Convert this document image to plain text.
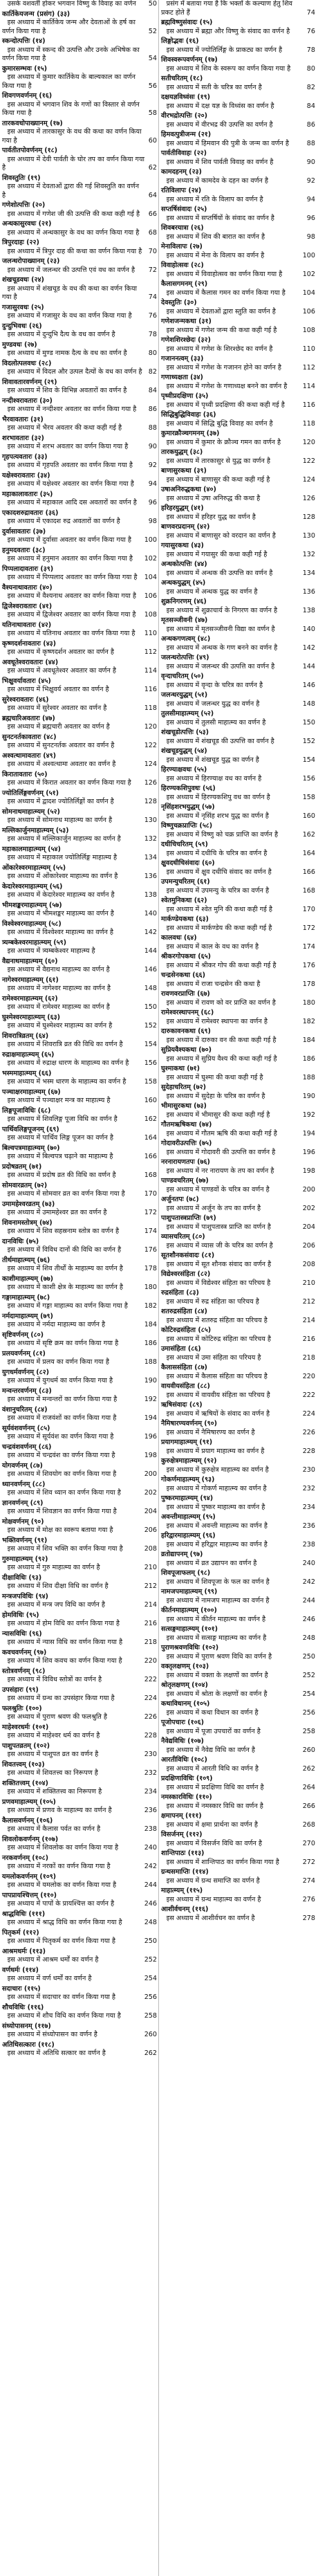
उसके वशवर्ती होकर भगवान विष्णु के विवाह का वर्णन	50
कार्तिकेयजन्म (प्रसंग) (३३)
इस अध्याय में कार्तिकेय जन्म और देवताओं के हर्ष का वर्णन किया गया है	52
स्कन्दोत्पत्तिः (१४)
इस अध्याय में स्कन्द की उत्पत्ति और उनके अभिषेक का वर्णन किया गया है	54
कुमारसम्भवः (१५)
इस अध्याय में कुमार कार्तिकेय के बाल्यकाल का वर्णन किया गया है	56
शिवगणवर्णनम् (१६)
इस अध्याय में भगवान शिव के गणों का विस्तार से वर्णन किया गया है	58
तारकवधोपाख्यानम् (१७)
इस अध्याय में तारकासुर के वध की कथा का वर्णन किया गया है	60
पार्वतीतपोवर्णनम् (१८)
इस अध्याय में देवी पार्वती के घोर तप का वर्णन किया गया है	62
शिवस्तुतिः (१९)
इस अध्याय में देवताओं द्वारा की गई शिवस्तुति का वर्णन है	64
गणेशोत्पत्तिः (२०)
इस अध्याय में गणेश जी की उत्पत्ति की कथा कही गई है	66
अन्धकासुरवधः (२१)
इस अध्याय में अन्धकासुर के वध का वर्णन किया गया है	68
त्रिपुरदाहः (२२)
इस अध्याय में त्रिपुर दाह की कथा का वर्णन किया गया है 70
जलन्धरोपाख्यानम् (२३)
इस अध्याय में जलन्धर की उत्पत्ति एवं वध का वर्णन है	72
शंखचूडवधः (२४)
इस अध्याय में शंखचूड के वध की कथा का वर्णन किया गया है	74
गजासुरवधः (२५)
इस अध्याय में गजासुर के वध का वर्णन किया गया है	76
दुन्दुभिवधः (२६)
इस अध्याय में दुन्दुभि दैत्य के वध का वर्णन है	78
मुण्डवधः (२७)
इस अध्याय में मुण्ड नामक दैत्य के वध का वर्णन है	80
विदलोत्पलवधः (२८)
इस अध्याय में विदल और उत्पल दैत्यों के वध का वर्णन है 82
शिवावतारवर्णनम् (२९)
इस अध्याय में शिव के विभिन्न अवतारों का वर्णन है	84
नन्दीश्वरावतारः (३०)
इस अध्याय में नन्दीश्वर अवतार का वर्णन किया गया है	86
भैरवावतारः (३१)
इस अध्याय में भैरव अवतार की कथा कही गई है	88
शरभावतारः (३२)
इस अध्याय में शरभ अवतार का वर्णन किया गया है	90
गृहपत्यवतारः (३३)
इस अध्याय में गृहपति अवतार का वर्णन किया गया है	92
यक्षेश्वरावतारः (३४)
इस अध्याय में यक्षेश्वर अवतार का वर्णन किया गया है	94
महाकालावतारः (३५)
इस अध्याय में महाकाल आदि दस अवतारों का वर्णन है	96
एकादशरुद्रावतारः (३६)
इस अध्याय में एकादश रुद्र अवतारों का वर्णन है	98
दुर्वासावतारः (३७)
इस अध्याय में दुर्वासा अवतार का वर्णन किया गया है	100
हनुमदवतारः (३८)
इस अध्याय में हनुमान अवतार का वर्णन किया गया है	102
पिप्पलादावतारः (३९)
इस अध्याय में पिप्पलाद अवतार का वर्णन किया गया है	104
वैश्यनाथावतारः (४०)
इस अध्याय में वैश्यनाथ अवतार का वर्णन किया गया है	106
द्विजेश्वरावतारः (४१)
इस अध्याय में द्विजेश्वर अवतार का वर्णन किया गया है	108
यतिनाथावतारः (४२)
इस अध्याय में यतिनाथ अवतार का वर्णन किया गया है	110
कृष्णदर्शनावतारः (४३)
इस अध्याय में कृष्णदर्शन अवतार का वर्णन है	112
अवधूतेश्वरावतारः (४४)
इस अध्याय में अवधूतेश्वर अवतार का वर्णन है	114
भिक्षुवर्यावतारः (४५)
इस अध्याय में भिक्षुवर्य अवतार का वर्णन है	116
सुरेश्वरावतारः (४६)
इस अध्याय में सुरेश्वर अवतार का वर्णन है	118
ब्रह्मचारिअवतारः (४७)
इस अध्याय में ब्रह्मचारी अवतार का वर्णन है	120
सुनटनर्तकावतारः (४८)
इस अध्याय में सुनटनर्तक अवतार का वर्णन है	122
अश्वत्थामावतारः (४९)
इस अध्याय में अश्वत्थामा अवतार का वर्णन है	124
किरातावतारः (५०)
इस अध्याय में किरात अवतार का वर्णन किया गया है	126
ज्योतिर्लिङ्गवर्णनम् (५१)
इस अध्याय में द्वादश ज्योतिर्लिङ्गों का वर्णन है	128
सोमनाथमाहात्म्यम् (५२)
इस अध्याय में सोमनाथ माहात्म्य का वर्णन है	130
मल्लिकार्जुनमाहात्म्यम् (५३)
इस अध्याय में मल्लिकार्जुन माहात्म्य का वर्णन है	132
महाकालमाहात्म्यम् (५४)
इस अध्याय में महाकाल ज्योतिर्लिङ्ग माहात्म्य है	134
ओंकारेश्वरमाहात्म्यम् (५५)
इस अध्याय में ओंकारेश्वर माहात्म्य का वर्णन है	136
केदारेश्वरमाहात्म्यम् (५६)
इस अध्याय में केदारेश्वर माहात्म्य का वर्णन है	138
भीमशङ्करमाहात्म्यम् (५७)
इस अध्याय में भीमशङ्कर माहात्म्य का वर्णन है	140
विश्वेश्वरमाहात्म्यम् (५८)
इस अध्याय में विश्वेश्वर माहात्म्य का वर्णन है	142
त्र्यम्बकेश्वरमाहात्म्यम् (५९)
इस अध्याय में त्र्यम्बकेश्वर माहात्म्य है	144
वैद्यनाथमाहात्म्यम् (६०)
इस अध्याय में वैद्यनाथ माहात्म्य का वर्णन है	146
नागेश्वरमाहात्म्यम् (६१)
इस अध्याय में नागेश्वर माहात्म्य का वर्णन है	148
रामेश्वरमाहात्म्यम् (६२)
इस अध्याय में रामेश्वर माहात्म्य का वर्णन है	150
घुश्मेश्वरमाहात्म्यम् (६३)
इस अध्याय में घुश्मेश्वर माहात्म्य का वर्णन है	152
शिवरात्रिव्रतम् (६४)
इस अध्याय में शिवरात्रि व्रत की विधि का वर्णन है	154
रुद्राक्षमाहात्म्यम् (६५)
इस अध्याय में रुद्राक्ष धारण के माहात्म्य का वर्णन है	156
भस्ममाहात्म्यम् (६६)
इस अध्याय में भस्म धारण के माहात्म्य का वर्णन है	158
पञ्चाक्षरमाहात्म्यम् (६७)
इस अध्याय में पञ्चाक्षर मन्त्र का माहात्म्य है	160
लिङ्गपूजाविधिः (६८)
इस अध्याय में शिवलिङ्ग पूजा विधि का वर्णन है	162
पार्थिवलिङ्गपूजनम् (६९)
इस अध्याय में पार्थिव लिङ्ग पूजन का वर्णन है	164
बिल्वपत्रमाहात्म्यम् (७०)
इस अध्याय में बिल्वपत्र चढ़ाने का माहात्म्य है	166
प्रदोषव्रतम् (७१)
इस अध्याय में प्रदोष व्रत की विधि का वर्णन है	168
सोमवारव्रतम् (७२)
इस अध्याय में सोमवार व्रत का वर्णन किया गया है	170
उमामहेश्वरव्रतम् (७३)
इस अध्याय में उमामहेश्वर व्रत का वर्णन है	172
शिवनामस्तोत्रम् (७४)
इस अध्याय में शिव सहस्रनाम स्तोत्र का वर्णन है	174
दानविधिः (७५)
इस अध्याय में विविध दानों की विधि का वर्णन है	176
तीर्थमाहात्म्यम् (७६)
इस अध्याय में शिव तीर्थों के माहात्म्य का वर्णन है	178
काशीमाहात्म्यम् (७७)
इस अध्याय में काशी क्षेत्र के माहात्म्य का वर्णन है	180
गङ्गामाहात्म्यम् (७८)
इस अध्याय में गङ्गा माहात्म्य का वर्णन किया गया है	182
नर्मदामाहात्म्यम् (७९)
इस अध्याय में नर्मदा माहात्म्य का वर्णन है	184
सृष्टिवर्णनम् (८०)
इस अध्याय में सृष्टि क्रम का वर्णन किया गया है	186
प्रलयवर्णनम् (८१)
इस अध्याय में प्रलय का वर्णन किया गया है	188
युगधर्मवर्णनम् (८२)
इस अध्याय में युगधर्म का वर्णन किया गया है	190
मन्वन्तरवर्णनम् (८३)
इस अध्याय में मन्वन्तरों का वर्णन किया गया है	192
वंशानुचरितम् (८४)
इस अध्याय में राजवंशों का वर्णन किया गया है	194
सूर्यवंशवर्णनम् (८५)
इस अध्याय में सूर्यवंश का वर्णन किया गया है	196
चन्द्रवंशवर्णनम् (८६)
इस अध्याय में चन्द्रवंश का वर्णन किया गया है	198
योगवर्णनम् (८७)
इस अध्याय में शिवयोग का वर्णन किया गया है	200
ध्यानवर्णनम् (८८)
इस अध्याय में शिव ध्यान का वर्णन किया गया है	202
ज्ञानवर्णनम् (८९)
इस अध्याय में शिवज्ञान का वर्णन किया गया है	204
मोक्षवर्णनम् (९०)
इस अध्याय में मोक्ष का स्वरूप बताया गया है	206
भक्तिवर्णनम् (९१)
इस अध्याय में शिव भक्ति का वर्णन किया गया है	208
गुरुमाहात्म्यम् (९२)
इस अध्याय में गुरु माहात्म्य का वर्णन है	210
दीक्षाविधिः (९३)
इस अध्याय में शिव दीक्षा विधि का वर्णन है	212
मन्त्रजपविधिः (९४)
इस अध्याय में मन्त्र जप विधि का वर्णन है	214
होमविधिः (९५)
इस अध्याय में होम विधि का वर्णन किया गया है	216
न्यासविधिः (९६)
इस अध्याय में न्यास विधि का वर्णन किया गया है	218
कवचवर्णनम् (९७)
इस अध्याय में शिव कवच का वर्णन किया गया है	220
स्तोत्रवर्णनम् (९८)
इस अध्याय में विविध स्तोत्रों का वर्णन है	222
उपसंहारः (९९)
इस अध्याय में ग्रन्थ का उपसंहार किया गया है	224
फलश्रुतिः (१००)
इस अध्याय में पुराण श्रवण की फलश्रुति है	226
माहेश्वरधर्मः (१०१)
इस अध्याय में माहेश्वर धर्म का वर्णन है	228
पाशुपतव्रतम् (१०२)
इस अध्याय में पाशुपत व्रत का वर्णन है	230
शिवतत्त्वम् (१०३)
इस अध्याय में शिवतत्त्व का निरूपण है	232
शक्तितत्त्वम् (१०४)
इस अध्याय में शक्तितत्त्व का निरूपण है	234
प्रणवमाहात्म्यम् (१०५)
इस अध्याय में प्रणव के माहात्म्य का वर्णन है	236
कैलासवर्णनम् (१०६)
इस अध्याय में कैलास पर्वत का वर्णन है	238
शिवलोकवर्णनम् (१०७)
इस अध्याय में शिवलोक का वर्णन किया गया है	240
नरकवर्णनम् (१०८)
इस अध्याय में नरकों का वर्णन किया गया है	242
यमलोकवर्णनम् (१०९)
इस अध्याय में यमलोक का वर्णन किया गया है	244
पापप्रायश्चित्तम् (११०)
इस अध्याय में पापों के प्रायश्चित्त का वर्णन है	246
श्राद्धविधिः (१११)
इस अध्याय में श्राद्ध विधि का वर्णन किया गया है	248
पितृकर्म (११२)
इस अध्याय में पितृकर्म का वर्णन किया गया है	250
आश्रमधर्मः (११३)
इस अध्याय में आश्रम धर्मों का वर्णन है	252
वर्णधर्मः (११४)
इस अध्याय में वर्ण धर्मों का वर्णन है	254
सदाचारः (११५)
इस अध्याय में सदाचार का वर्णन किया गया है	256
शौचविधिः (११६)
इस अध्याय में शौच विधि का वर्णन किया गया है	258
संध्योपासनम् (११७)
इस अध्याय में संध्योपासन का वर्णन है	260
अतिथिसत्कारः (११८)
इस अध्याय में अतिथि सत्कार का वर्णन है	262
प्रसंग में बताया गया है कि भक्तों के कल्याण हेतु शिव प्रकट होते हैं	74
ब्रह्मविष्णुसंवादः (१५)
इस अध्याय में ब्रह्मा और विष्णु के संवाद का वर्णन है	76
लिङ्गोद्भवः (१६)
इस अध्याय में ज्योतिर्लिङ्ग के प्राकट्य का वर्णन है	78
शिवस्वरूपवर्णनम् (१७)
इस अध्याय में शिव के स्वरूप का वर्णन किया गया है	80
सतीचरितम् (१८)
इस अध्याय में सती के चरित्र का वर्णन है	82
दक्षयज्ञविध्वंसः (१९)
इस अध्याय में दक्ष यज्ञ के विध्वंस का वर्णन है	84
वीरभद्रोत्पत्तिः (२०)
इस अध्याय में वीरभद्र की उत्पत्ति का वर्णन है	86
हिमवत्पुत्रीजन्म (२१)
इस अध्याय में हिमवान की पुत्री के जन्म का वर्णन है	88
पार्वतीविवाहः (२२)
इस अध्याय में शिव पार्वती विवाह का वर्णन है	90
कामदहनम् (२३)
इस अध्याय में कामदेव के दहन का वर्णन है	92
रतिविलापः (२४)
इस अध्याय में रति के विलाप का वर्णन है	94
सप्तर्षिसंवादः (२५)
इस अध्याय में सप्तर्षियों के संवाद का वर्णन है	96
शिवबरयात्रा (२६)
इस अध्याय में शिव की बारात का वर्णन है	98
मेनाविलापः (२७)
इस अध्याय में मेना के विलाप का वर्णन है	100
विवाहोत्सवः (२८)
इस अध्याय में विवाहोत्सव का वर्णन किया गया है	102
कैलासगमनम् (२९)
इस अध्याय में कैलास गमन का वर्णन किया गया है	104
देवस्तुतिः (३०)
इस अध्याय में देवताओं द्वारा स्तुति का वर्णन है	106
गणेशजन्मकथा (३१)
इस अध्याय में गणेश जन्म की कथा कही गई है	108
गणेशशिरश्छेदः (३२)
इस अध्याय में गणेश के शिरश्छेद का वर्णन है	110
गजाननत्वम् (३३)
इस अध्याय में गणेश के गजानन होने का वर्णन है	112
गणाध्यक्षता (३४)
इस अध्याय में गणेश के गणाध्यक्ष बनने का वर्णन है	114
पृथ्वीप्रदक्षिणा (३५)
इस अध्याय में पृथ्वी प्रदक्षिणा की कथा कही गई है	116
सिद्धिबुद्धिविवाहः (३६)
इस अध्याय में सिद्धि बुद्धि विवाह का वर्णन है	118
कुमारक्रौञ्चगमनम् (३७)
इस अध्याय में कुमार के क्रौञ्च गमन का वर्णन है	120
तारकयुद्धम् (३८)
इस अध्याय में तारकासुर से युद्ध का वर्णन है	122
बाणासुरकथा (३९)
इस अध्याय में बाणासुर की कथा कही गई है	124
उषाअनिरुद्धकथा (४०)
इस अध्याय में उषा अनिरुद्ध की कथा है	126
हरिहरयुद्धम् (४१)
इस अध्याय में हरिहर युद्ध का वर्णन है	128
बाणवरप्रदानम् (४२)
इस अध्याय में बाणासुर को वरदान का वर्णन है	130
गयासुरकथा (४३)
इस अध्याय में गयासुर की कथा कही गई है	132
अन्धकोत्पत्तिः (४४)
इस अध्याय में अन्धक की उत्पत्ति का वर्णन है	134
अन्धकयुद्धम् (४५)
इस अध्याय में अन्धक युद्ध का वर्णन है	136
शुक्रनिगरणम् (४६)
इस अध्याय में शुक्राचार्य के निगरण का वर्णन है	138
मृतसञ्जीवनी (४७)
इस अध्याय में मृतसञ्जीवनी विद्या का वर्णन है	140
अन्धकगणत्वम् (४८)
इस अध्याय में अन्धक के गण बनने का वर्णन है	142
जलन्धरोत्पत्तिः (४९)
इस अध्याय में जलन्धर की उत्पत्ति का वर्णन है	144
वृन्दाचरितम् (५०)
इस अध्याय में वृन्दा के चरित्र का वर्णन है	146
जलन्धरयुद्धम् (५१)
इस अध्याय में जलन्धर युद्ध का वर्णन है	148
तुलसीमाहात्म्यम् (५२)
इस अध्याय में तुलसी माहात्म्य का वर्णन है	150
शंखचूडोत्पत्तिः (५३)
इस अध्याय में शंखचूड की उत्पत्ति का वर्णन है	152
शंखचूडयुद्धम् (५४)
इस अध्याय में शंखचूड युद्ध का वर्णन है	154
हिरण्याक्षवधः (५५)
इस अध्याय में हिरण्याक्ष वध का वर्णन है	156
हिरण्यकशिपुवधः (५६)
इस अध्याय में हिरण्यकशिपु वध का वर्णन है	158
नृसिंहशरभयुद्धम् (५७)
इस अध्याय में नृसिंह शरभ युद्ध का वर्णन है	160
विष्णुचक्रप्राप्तिः (५८)
इस अध्याय में विष्णु को चक्र प्राप्ति का वर्णन है	162
दधीचिचरितम् (५९)
इस अध्याय में दधीचि के चरित्र का वर्णन है	164
क्षुवदधीचिसंवादः (६०)
इस अध्याय में क्षुव दधीचि संवाद का वर्णन है	166
उपमन्युचरितम् (६१)
इस अध्याय में उपमन्यु के चरित्र का वर्णन है	168
श्वेतमुनिकथा (६२)
इस अध्याय में श्वेत मुनि की कथा कही गई है	170
मार्कण्डेयकथा (६३)
इस अध्याय में मार्कण्डेय की कथा कही गई है	172
कालवधः (६४)
इस अध्याय में काल के वध का वर्णन है	174
श्रीकरगोपकथा (६५)
इस अध्याय में श्रीकर गोप की कथा कही गई है	176
चन्द्रसेनकथा (६६)
इस अध्याय में राजा चन्द्रसेन की कथा है	178
रावणवरप्राप्तिः (६७)
इस अध्याय में रावण को वर प्राप्ति का वर्णन है	180
रामेश्वरस्थापनम् (६८)
इस अध्याय में रामेश्वर स्थापना का वर्णन है	182
दारुकावनकथा (६९)
इस अध्याय में दारुका वन की कथा कही गई है	184
सुप्रियवैश्यकथा (७०)
इस अध्याय में सुप्रिय वैश्य की कथा कही गई है	186
घुश्माकथा (७१)
इस अध्याय में घुश्मा की कथा कही गई है	188
सुदेहाचरितम् (७२)
इस अध्याय में सुदेहा के चरित्र का वर्णन है	190
भीमासुरकथा (७३)
इस अध्याय में भीमासुर की कथा कही गई है	192
गौतमऋषिकथा (७४)
इस अध्याय में गौतम ऋषि की कथा कही गई है	194
गोदावरीउत्पत्तिः (७५)
इस अध्याय में गोदावरी की उत्पत्ति का वर्णन है	196
नरनारायणतपः (७६)
इस अध्याय में नर नारायण के तप का वर्णन है	198
पाण्डवचरितम् (७७)
इस अध्याय में पाण्डवों के चरित्र का वर्णन है	200
अर्जुनतपः (७८)
इस अध्याय में अर्जुन के तप का वर्णन है	202
पाशुपतास्त्रप्राप्तिः (७९)
इस अध्याय में पाशुपतास्त्र प्राप्ति का वर्णन है	204
व्यासचरितम् (८०)
इस अध्याय में व्यास जी के चरित्र का वर्णन है	206
सूतशौनकसंवादः (८१)
इस अध्याय में सूत शौनक संवाद का वर्णन है	208
विद्येश्वरसंहिता (८२)
इस अध्याय में विद्येश्वर संहिता का परिचय है	210
रुद्रसंहिता (८३)
इस अध्याय में रुद्र संहिता का परिचय है	212
शतरुद्रसंहिता (८४)
इस अध्याय में शतरुद्र संहिता का परिचय है	214
कोटिरुद्रसंहिता (८५)
इस अध्याय में कोटिरुद्र संहिता का परिचय है	216
उमासंहिता (८६)
इस अध्याय में उमा संहिता का परिचय है	218
कैलाससंहिता (८७)
इस अध्याय में कैलास संहिता का परिचय है	220
वायवीयसंहिता (८८)
इस अध्याय में वायवीय संहिता का परिचय है	222
ऋषिसंवादः (८९)
इस अध्याय में ऋषियों के संवाद का वर्णन है	224
नैमिषारण्यवर्णनम् (९०)
इस अध्याय में नैमिषारण्य का वर्णन है	226
प्रयागमाहात्म्यम् (९१)
इस अध्याय में प्रयाग माहात्म्य का वर्णन है	228
कुरुक्षेत्रमाहात्म्यम् (९२)
इस अध्याय में कुरुक्षेत्र माहात्म्य का वर्णन है	230
गोकर्णमाहात्म्यम् (९३)
इस अध्याय में गोकर्ण माहात्म्य का वर्णन है	232
पुष्करमाहात्म्यम् (९४)
इस अध्याय में पुष्कर माहात्म्य का वर्णन है	234
अवन्तीमाहात्म्यम् (९५)
इस अध्याय में अवन्ती माहात्म्य का वर्णन है	236
हरिद्वारमाहात्म्यम् (९६)
इस अध्याय में हरिद्वार माहात्म्य का वर्णन है	238
व्रतोद्यापनम् (९७)
इस अध्याय में व्रत उद्यापन का वर्णन है	240
शिवपूजाफलम् (९८)
इस अध्याय में शिवपूजा के फल का वर्णन है	242
नामजपमाहात्म्यम् (९९)
इस अध्याय में नामजप माहात्म्य का वर्णन है	244
कीर्तनमाहात्म्यम् (१००)
इस अध्याय में कीर्तन माहात्म्य का वर्णन है	246
सत्सङ्गमाहात्म्यम् (१०१)
इस अध्याय में सत्सङ्ग माहात्म्य का वर्णन है	248
पुराणश्रवणविधिः (१०२)
इस अध्याय में पुराण श्रवण विधि का वर्णन है	250
वक्तृलक्षणम् (१०३)
इस अध्याय में वक्ता के लक्षणों का वर्णन है	252
श्रोतृलक्षणम् (१०४)
इस अध्याय में श्रोता के लक्षणों का वर्णन है	254
कथाविधानम् (१०५)
इस अध्याय में कथा विधान का वर्णन है	256
पूजोपचारः (१०६)
इस अध्याय में पूजा उपचारों का वर्णन है	258
नैवेद्यविधिः (१०७)
इस अध्याय में नैवेद्य विधि का वर्णन है	260
आरतीविधिः (१०८)
इस अध्याय में आरती विधि का वर्णन है	262
प्रदक्षिणाविधिः (१०९)
इस अध्याय में प्रदक्षिणा विधि का वर्णन है	264
नमस्कारविधिः (११०)
इस अध्याय में नमस्कार विधि का वर्णन है	266
क्षमापनम् (१११)
इस अध्याय में क्षमा प्रार्थना का वर्णन है	268
विसर्जनम् (११२)
इस अध्याय में विसर्जन विधि का वर्णन है	270
शान्तिपाठः (११३)
इस अध्याय में शान्तिपाठ का वर्णन किया गया है	272
ग्रन्थसमाप्तिः (११४)
इस अध्याय में ग्रन्थ समाप्ति का वर्णन है	274
माहात्म्यम् (११५)
इस अध्याय में ग्रन्थ माहात्म्य का वर्णन है	276
आशीर्वचनम् (११६)
इस अध्याय में आशीर्वचन का वर्णन है	278
